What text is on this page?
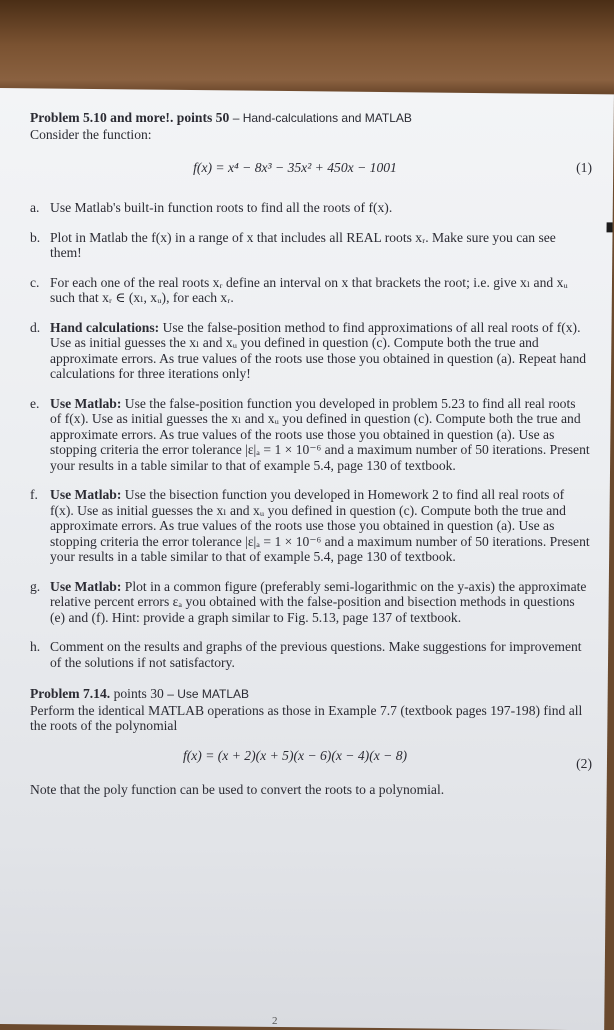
Problem 5.10 and more!. points 50 – Hand-calculations and MATLAB

Consider the function:

f(x) = x⁴ − 8x³ − 35x² + 450x − 1001	(1)
a. Use Matlab's built-in function roots to find all the roots of f(x).
b. Plot in Matlab the f(x) in a range of x that includes all REAL roots xᵣ. Make sure you can see them!
c. For each one of the real roots xᵣ define an interval on x that brackets the root; i.e. give xₗ and xᵤ such that xᵣ ∈ (xₗ, xᵤ), for each xᵣ.
d. Hand calculations: Use the false-position method to find approximations of all real roots of f(x). Use as initial guesses the xₗ and xᵤ you defined in question (c). Compute both the true and approximate errors. As true values of the roots use those you obtained in question (a). Repeat hand calculations for three iterations only!
e. Use Matlab: Use the false-position function you developed in problem 5.23 to find all real roots of f(x). Use as initial guesses the xₗ and xᵤ you defined in question (c). Compute both the true and approximate errors. As true values of the roots use those you obtained in question (a). Use as stopping criteria the error tolerance |ε|ₐ = 1 × 10⁻⁶ and a maximum number of 50 iterations. Present your results in a table similar to that of example 5.4, page 130 of textbook.
f. Use Matlab: Use the bisection function you developed in Homework 2 to find all real roots of f(x). Use as initial guesses the xₗ and xᵤ you defined in question (c). Compute both the true and approximate errors. As true values of the roots use those you obtained in question (a). Use as stopping criteria the error tolerance |ε|ₐ = 1 × 10⁻⁶ and a maximum number of 50 iterations. Present your results in a table similar to that of example 5.4, page 130 of textbook.
g. Use Matlab: Plot in a common figure (preferably semi-logarithmic on the y-axis) the approximate relative percent errors εₐ you obtained with the false-position and bisection methods in questions (e) and (f). Hint: provide a graph similar to Fig. 5.13, page 137 of textbook.
h. Comment on the results and graphs of the previous questions. Make suggestions for improvement of the solutions if not satisfactory.

Problem 7.14. points 30 – Use MATLAB

Perform the identical MATLAB operations as those in Example 7.7 (textbook pages 197-198) find all the roots of the polynomial

f(x) = (x + 2)(x + 5)(x − 6)(x − 4)(x − 8)
(2)

Note that the poly function can be used to convert the roots to a polynomial.

2
